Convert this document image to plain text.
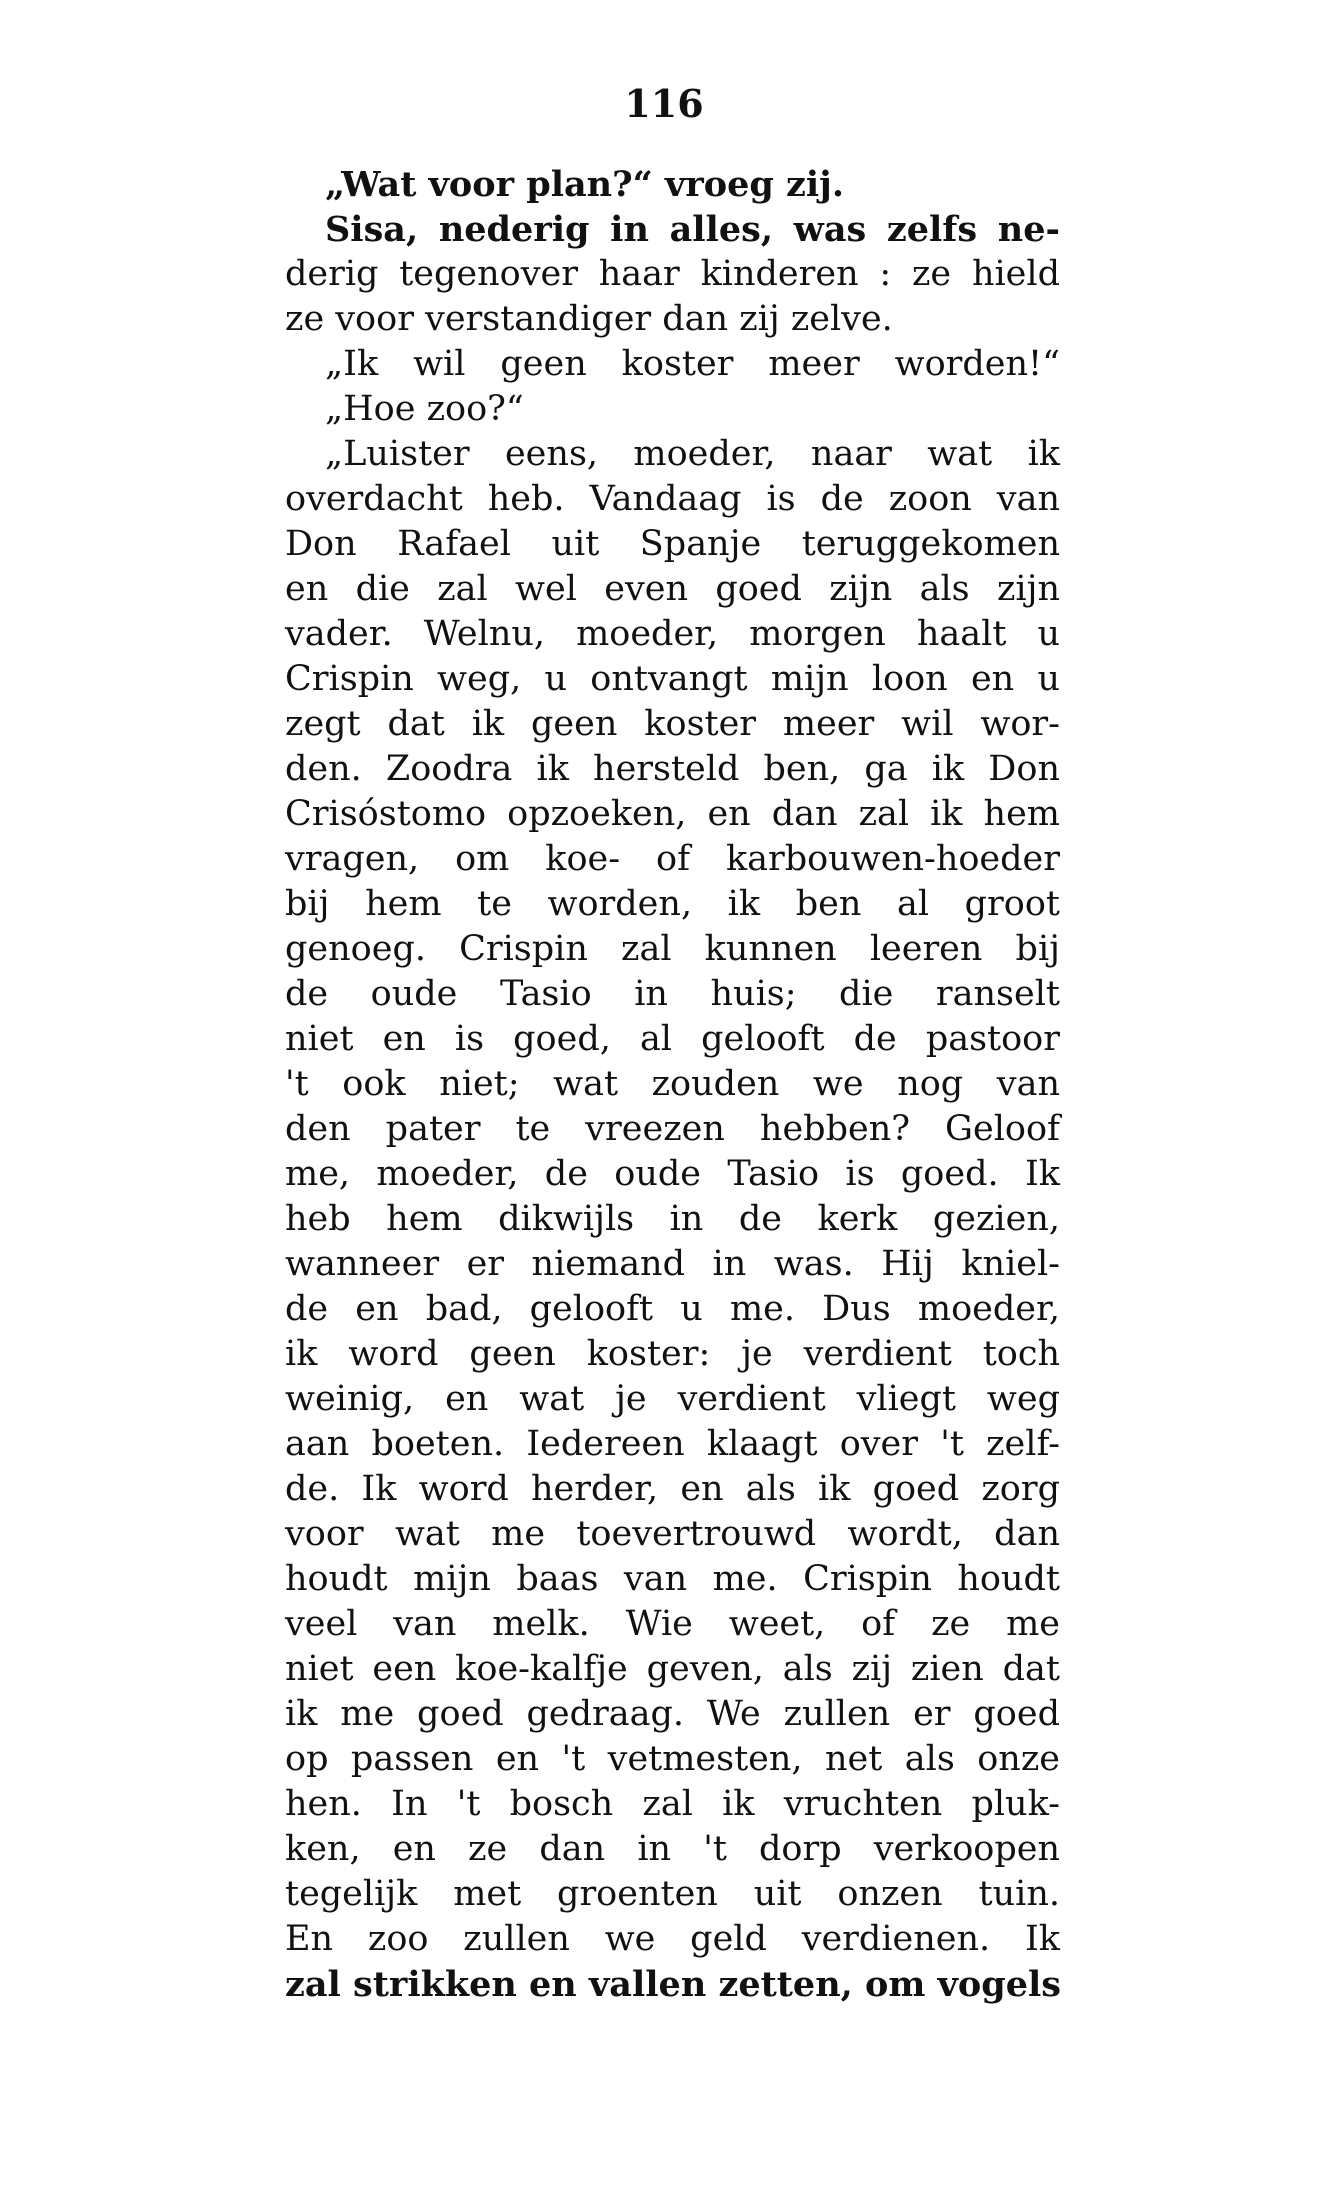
116
„Wat voor plan?“ vroeg zij.
Sisa, nederig in alles, was zelfs ne-
derig tegenover haar kinderen : ze hield
ze voor verstandiger dan zij zelve.
„Ik wil geen koster meer worden!“
„Hoe zoo?“
„Luister eens, moeder, naar wat ik
overdacht heb. Vandaag is de zoon van
Don Rafael uit Spanje teruggekomen
en die zal wel even goed zijn als zijn
vader. Welnu, moeder, morgen haalt u
Crispin weg, u ontvangt mijn loon en u
zegt dat ik geen koster meer wil wor-
den. Zoodra ik hersteld ben, ga ik Don
Crisóstomo opzoeken, en dan zal ik hem
vragen, om koe- of karbouwen-hoeder
bij hem te worden, ik ben al groot
genoeg. Crispin zal kunnen leeren bij
de oude Tasio in huis; die ranselt
niet en is goed, al gelooft de pastoor
't ook niet; wat zouden we nog van
den pater te vreezen hebben? Geloof
me, moeder, de oude Tasio is goed. Ik
heb hem dikwijls in de kerk gezien,
wanneer er niemand in was. Hij kniel-
de en bad, gelooft u me. Dus moeder,
ik word geen koster: je verdient toch
weinig, en wat je verdient vliegt weg
aan boeten. Iedereen klaagt over 't zelf-
de. Ik word herder, en als ik goed zorg
voor wat me toevertrouwd wordt, dan
houdt mijn baas van me. Crispin houdt
veel van melk. Wie weet, of ze me
niet een koe-kalfje geven, als zij zien dat
ik me goed gedraag. We zullen er goed
op passen en 't vetmesten, net als onze
hen. In 't bosch zal ik vruchten pluk-
ken, en ze dan in 't dorp verkoopen
tegelijk met groenten uit onzen tuin.
En zoo zullen we geld verdienen. Ik
zal strikken en vallen zetten, om vogels
